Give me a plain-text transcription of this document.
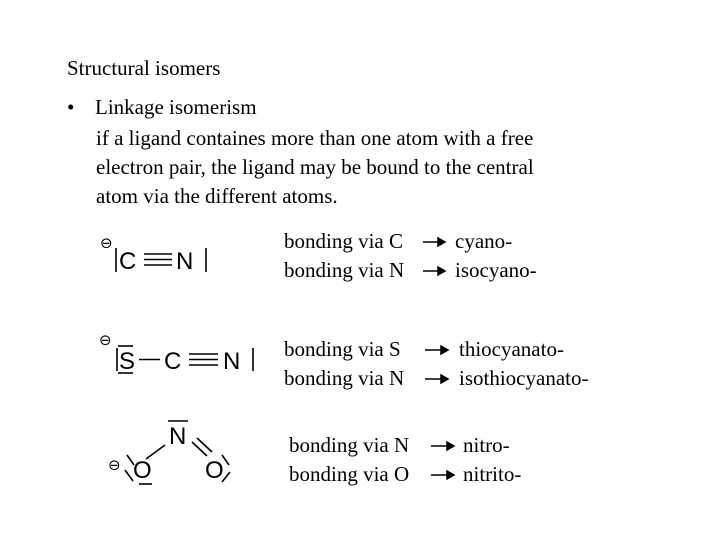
Structural isomers
• Linkage isomerism
if a ligand containes more than one atom with a free
electron pair, the ligand may be bound to the central
atom via the different atoms.
C N
⊖
S C N
⊖
N
O O
⊖
bonding via C cyano-
bonding via N isocyano-
bonding via S	thiocyanato-
bonding via N	isothiocyanato-
bonding via N	nitro-
bonding via O	nitrito-
